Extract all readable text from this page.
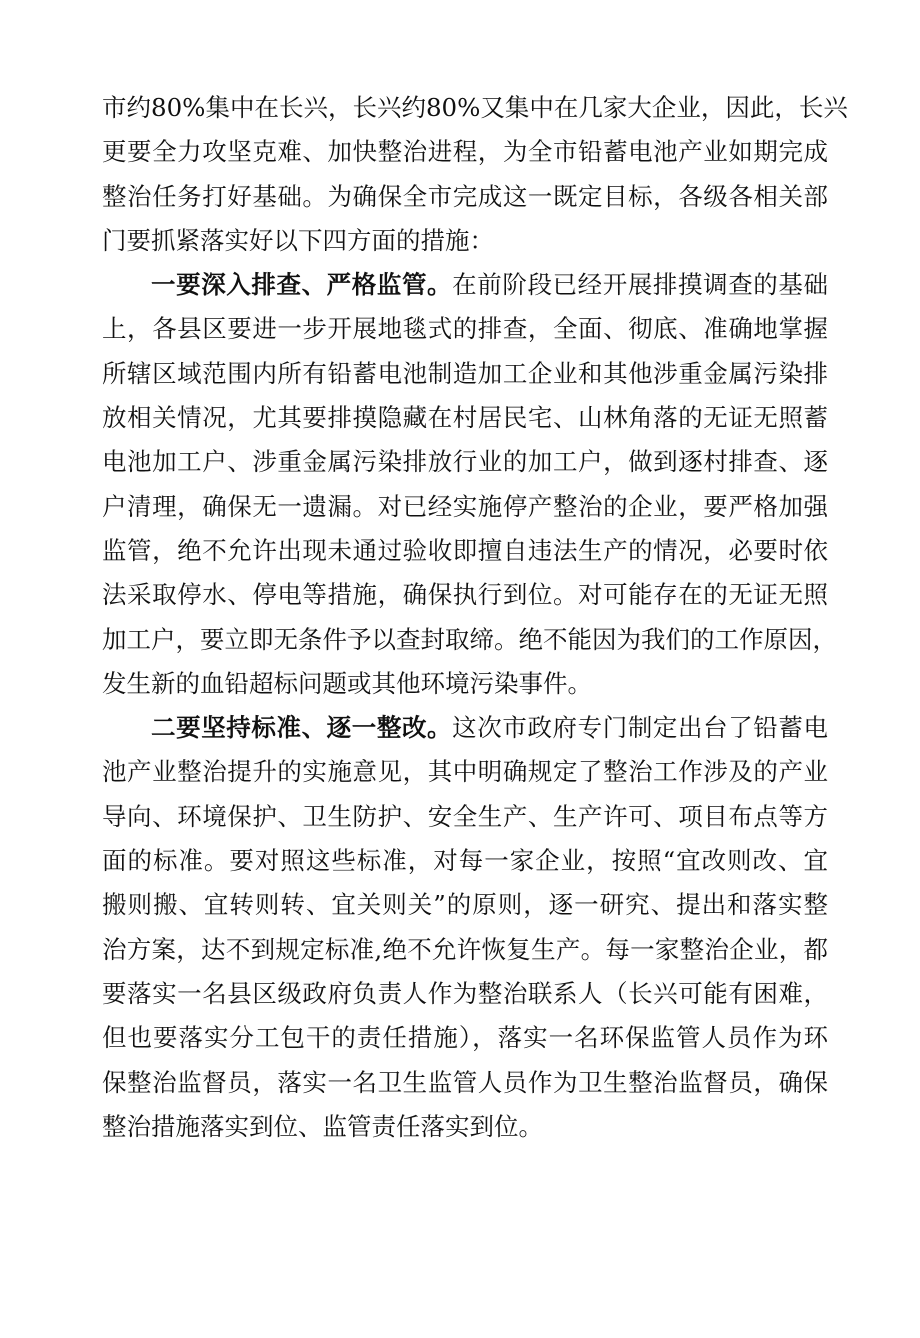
市约80%集中在长兴，长兴约80%又集中在几家大企业，因此，长兴
更要全力攻坚克难、加快整治进程，为全市铅蓄电池产业如期完成
整治任务打好基础。为确保全市完成这一既定目标，各级各相关部
门要抓紧落实好以下四方面的措施：
一要深入排查、严格监管。在前阶段已经开展排摸调查的基础
上，各县区要进一步开展地毯式的排查，全面、彻底、准确地掌握
所辖区域范围内所有铅蓄电池制造加工企业和其他涉重金属污染排
放相关情况，尤其要排摸隐藏在村居民宅、山林角落的无证无照蓄
电池加工户、涉重金属污染排放行业的加工户，做到逐村排查、逐
户清理，确保无一遗漏。对已经实施停产整治的企业，要严格加强
监管，绝不允许出现未通过验收即擅自违法生产的情况，必要时依
法采取停水、停电等措施，确保执行到位。对可能存在的无证无照
加工户，要立即无条件予以查封取缔。绝不能因为我们的工作原因，
发生新的血铅超标问题或其他环境污染事件。
二要坚持标准、逐一整改。这次市政府专门制定出台了铅蓄电
池产业整治提升的实施意见，其中明确规定了整治工作涉及的产业
导向、环境保护、卫生防护、安全生产、生产许可、项目布点等方
面的标准。要对照这些标准，对每一家企业，按照“宜改则改、宜
搬则搬、宜转则转、宜关则关”的原则，逐一研究、提出和落实整
治方案，达不到规定标准,绝不允许恢复生产。每一家整治企业，都
要落实一名县区级政府负责人作为整治联系人（长兴可能有困难，
但也要落实分工包干的责任措施），落实一名环保监管人员作为环
保整治监督员，落实一名卫生监管人员作为卫生整治监督员，确保
整治措施落实到位、监管责任落实到位。
